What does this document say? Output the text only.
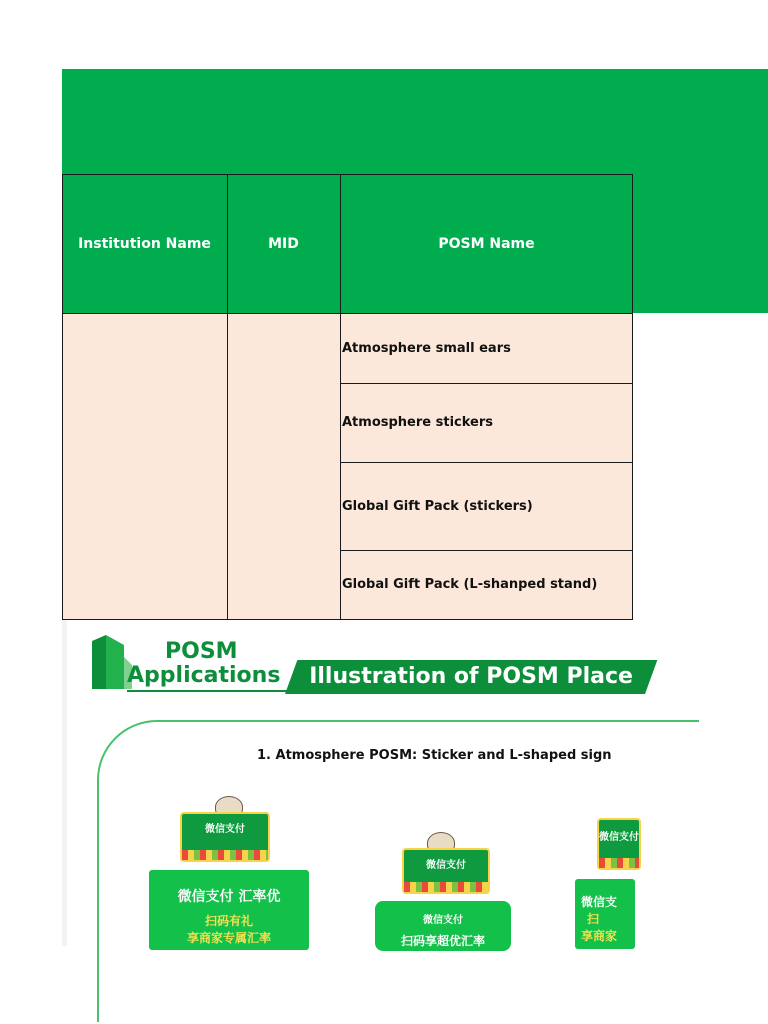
Institution Name	MID	POSM Name
Atmosphere small ears
Atmosphere stickers
Global Gift Pack (stickers)
Global Gift Pack (L-shanped stand)
POSM
Applications	Illustration of POSM Place
1. Atmosphere POSM: Sticker and L-shaped sign
微信支付
微信支付 汇率优
扫码有礼
享商家专属汇率
微信支付
微信支付
扫码享超优汇率
微信支付
微信支
扫
享商家
